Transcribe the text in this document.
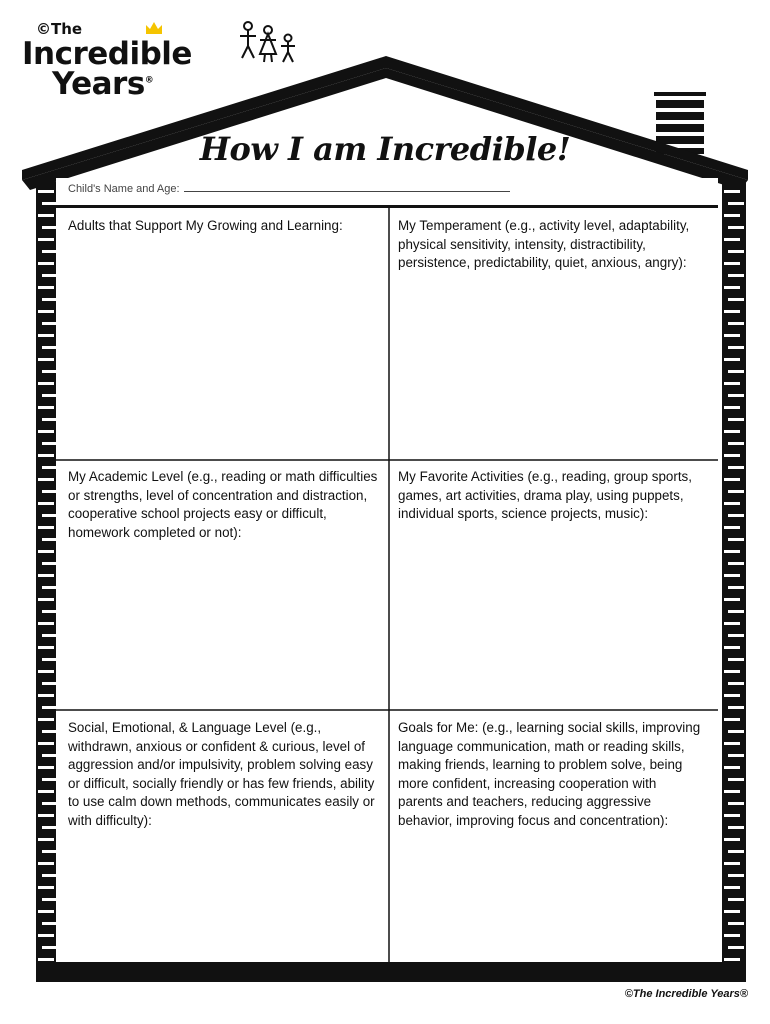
©The
Incredible
Years®
How I am Incredible!
Child's Name and Age:
Adults that Support My Growing and Learning:	My Temperament (e.g., activity level, adaptability, physical sensitivity, intensity, distractibility, persistence, predictability, quiet, anxious, angry):
My Academic Level (e.g., reading or math difficulties or strengths, level of concentration and distraction, cooperative school projects easy or difficult, homework completed or not):
My Favorite Activities (e.g., reading, group sports, games, art activities, drama play, using puppets, individual sports, science projects, music):
Social, Emotional, & Language Level (e.g., withdrawn, anxious or confident & curious, level of aggression and/or impulsivity, problem solving easy or difficult, socially friendly or has few friends, ability to use calm down methods, communicates easily or with difficulty):
Goals for Me: (e.g., learning social skills, improving language communication, math or reading skills, making friends, learning to problem solve, being more confident, increasing cooperation with parents and teachers, reducing aggressive behavior, improving focus and concentration):
©The Incredible Years®
